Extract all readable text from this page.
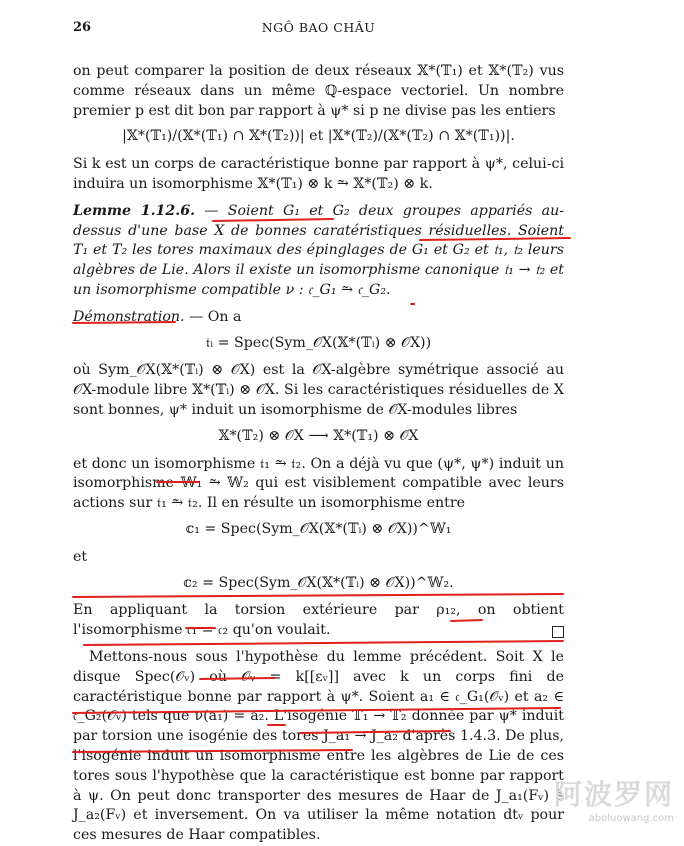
26	NGÔ BAO CHÂU

on peut comparer la position de deux réseaux 𝕏*(𝕋₁) et 𝕏*(𝕋₂) vus comme réseaux dans un même ℚ-espace vectoriel. Un nombre premier p est dit bon par rapport à ψ* si p ne divise pas les entiers

|𝕏*(𝕋₁)/(𝕏*(𝕋₁) ∩ 𝕏*(𝕋₂))| et |𝕏*(𝕋₂)/(𝕏*(𝕋₂) ∩ 𝕏*(𝕋₁))|.

Si k est un corps de caractéristique bonne par rapport à ψ*, celui-ci induira un isomorphisme 𝕏*(𝕋₁) ⊗ k ⥲ 𝕏*(𝕋₂) ⊗ k.

Lemme 1.12.6. — Soient G₁ et G₂ deux groupes appariés au-dessus d'une base X de bonnes caratéristiques résiduelles. Soient T₁ et T₂ les tores maximaux des épinglages de G₁ et G₂ et 𝔱₁, 𝔱₂ leurs algèbres de Lie. Alors il existe un isomorphisme canonique 𝔱₁ → 𝔱₂ et un isomorphisme compatible ν : 𝔠_G₁ ⥲ 𝔠_G₂.

Démonstration. — On a

𝔱ᵢ = Spec(Sym_𝒪X(𝕏*(𝕋ᵢ) ⊗ 𝒪X))

où Sym_𝒪X(𝕏*(𝕋ᵢ) ⊗ 𝒪X) est la 𝒪X-algèbre symétrique associé au 𝒪X-module libre 𝕏*(𝕋ᵢ) ⊗ 𝒪X. Si les caractéristiques résiduelles de X sont bonnes, ψ* induit un isomorphisme de 𝒪X-modules libres

𝕏*(𝕋₂) ⊗ 𝒪X ⟶ 𝕏*(𝕋₁) ⊗ 𝒪X

et donc un isomorphisme 𝔱₁ ⥲ 𝔱₂. On a déjà vu que (ψ*, ψ*) induit un isomorphisme 𝕎₁ ⥲ 𝕎₂ qui est visiblement compatible avec leurs actions sur 𝔱₁ ⥲ 𝔱₂. Il en résulte un isomorphisme entre

𝕔₁ = Spec(Sym_𝒪X(𝕏*(𝕋ᵢ) ⊗ 𝒪X))^𝕎₁

et

𝕔₂ = Spec(Sym_𝒪X(𝕏*(𝕋ᵢ) ⊗ 𝒪X))^𝕎₂.

En appliquant la torsion extérieure par ρ₁₂, on obtient l'isomorphisme 𝔠₁ = 𝔠₂ qu'on voulait.

Mettons-nous sous l'hypothèse du lemme précédent. Soit X le disque Spec(𝒪ᵥ) où 𝒪ᵥ = k[[εᵥ]] avec k un corps fini de caractéristique bonne par rapport à ψ*. Soient a₁ ∈ 𝔠_G₁(𝒪ᵥ) et a₂ ∈ 𝔠_G₂(𝒪ᵥ) tels que ν(a₁) = a₂. L'isogénie 𝕋₁ → 𝕋₂ donnée par ψ* induit par torsion une isogénie des tores J_a₁ → J_a₂ d'après 1.4.3. De plus, l'isogénie induit un isomorphisme entre les algèbres de Lie de ces tores sous l'hypothèse que la caractéristique est bonne par rapport à ψ. On peut donc transporter des mesures de Haar de J_a₁(Fᵥ) à J_a₂(Fᵥ) et inversement. On va utiliser la même notation dtᵥ pour ces mesures de Haar compatibles.

阿波罗网
aboluowang.com
